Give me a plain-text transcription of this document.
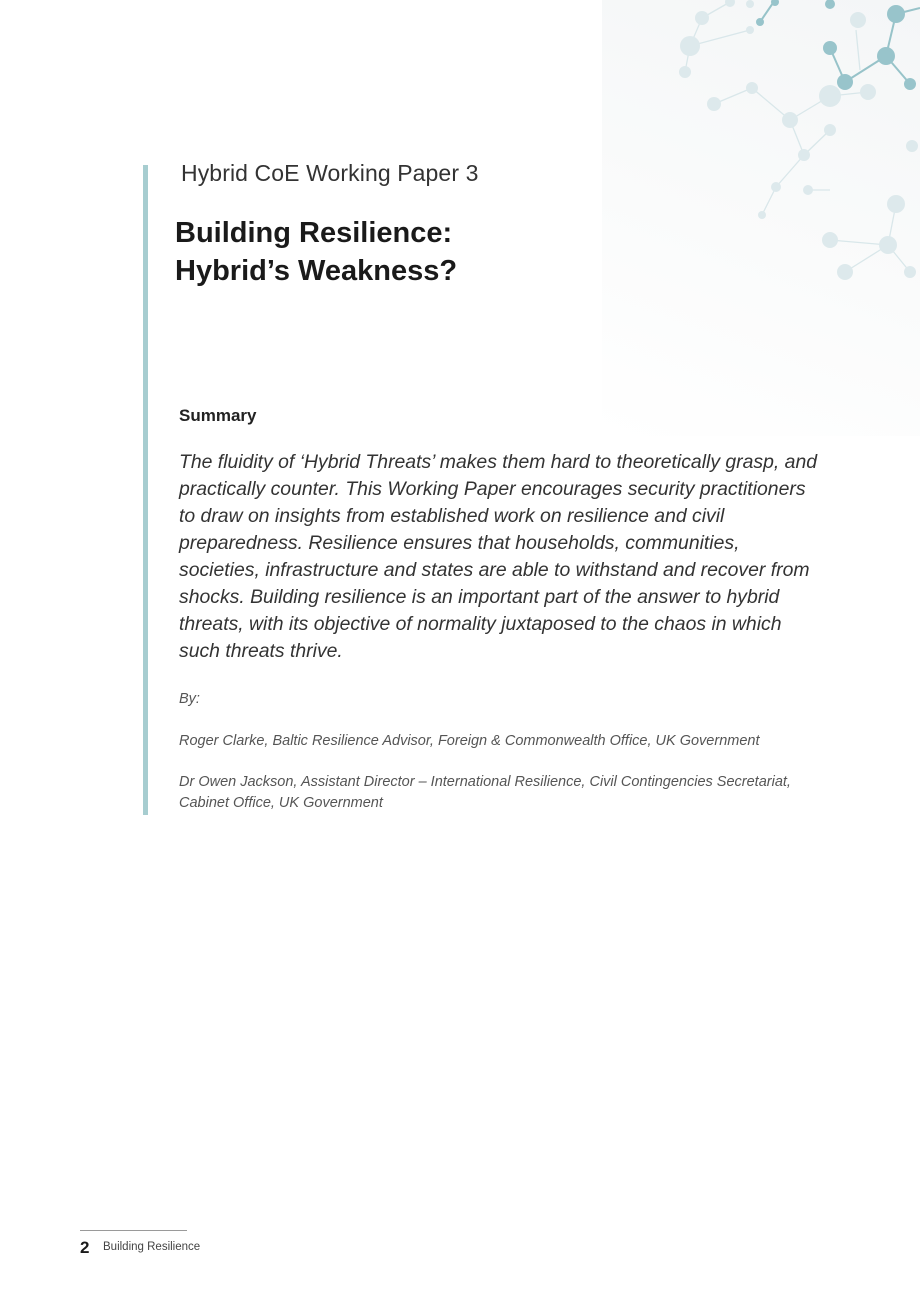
Hybrid CoE Working Paper 3
Building Resilience:
Hybrid’s Weakness?
Summary

The fluidity of ‘Hybrid Threats’ makes them hard to theoretically grasp, and practically counter. This Working Paper encourages security practitioners to draw on insights from established work on resilience and civil preparedness. Resilience ensures that households, communities, societies, infrastructure and states are able to withstand and recover from shocks. Building resilience is an important part of the answer to hybrid threats, with its objective of normality juxtaposed to the chaos in which such threats thrive.

By:

Roger Clarke, Baltic Resilience Advisor, Foreign & Commonwealth Office, UK Government

Dr Owen Jackson, Assistant Director – International Resilience, Civil Contingencies Secretariat, Cabinet Office, UK Government

2 Building Resilience
